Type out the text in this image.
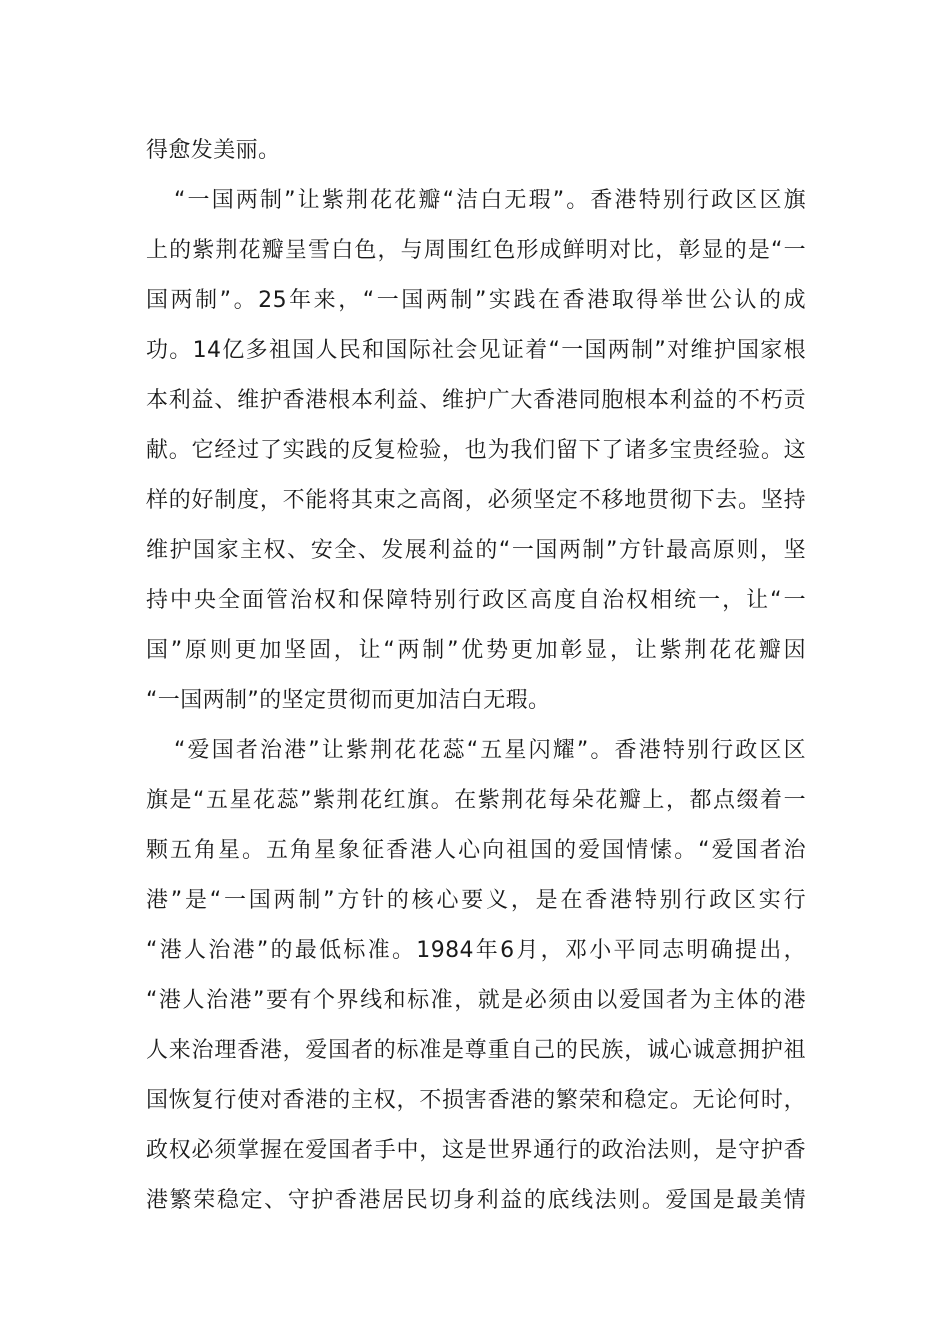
得愈发美丽。
“一国两制”让紫荆花花瓣“洁白无瑕”。香港特别行政区区旗
上的紫荆花瓣呈雪白色，与周围红色形成鲜明对比，彰显的是“一
国两制”。25年来，“一国两制”实践在香港取得举世公认的成
功。14亿多祖国人民和国际社会见证着“一国两制”对维护国家根
本利益、维护香港根本利益、维护广大香港同胞根本利益的不朽贡
献。它经过了实践的反复检验，也为我们留下了诸多宝贵经验。这
样的好制度，不能将其束之高阁，必须坚定不移地贯彻下去。坚持
维护国家主权、安全、发展利益的“一国两制”方针最高原则，坚
持中央全面管治权和保障特别行政区高度自治权相统一，让“一
国”原则更加坚固，让“两制”优势更加彰显，让紫荆花花瓣因
“一国两制”的坚定贯彻而更加洁白无瑕。
“爱国者治港”让紫荆花花蕊“五星闪耀”。香港特别行政区区
旗是“五星花蕊”紫荆花红旗。在紫荆花每朵花瓣上，都点缀着一
颗五角星。五角星象征香港人心向祖国的爱国情愫。“爱国者治
港”是“一国两制”方针的核心要义，是在香港特别行政区实行
“港人治港”的最低标准。1984年6月，邓小平同志明确提出，
“港人治港”要有个界线和标准，就是必须由以爱国者为主体的港
人来治理香港，爱国者的标准是尊重自己的民族，诚心诚意拥护祖
国恢复行使对香港的主权，不损害香港的繁荣和稳定。无论何时，
政权必须掌握在爱国者手中，这是世界通行的政治法则，是守护香
港繁荣稳定、守护香港居民切身利益的底线法则。爱国是最美情
